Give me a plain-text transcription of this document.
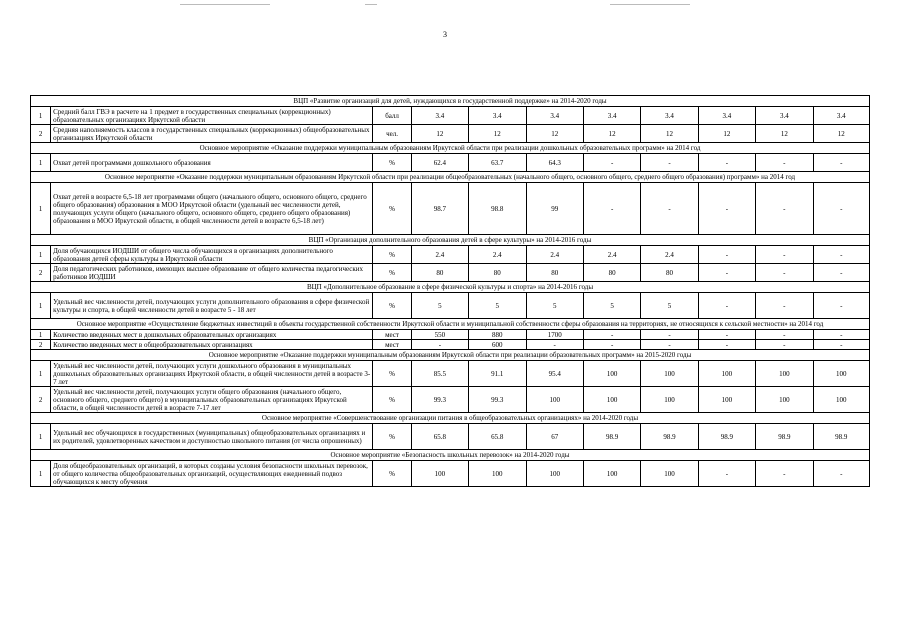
3
ВЦП «Развитие организаций для детей, нуждающихся в государственной поддержке» на 2014-2020 годы										
1	Средний балл ГВЭ в расчете на 1 предмет в государственных специальных (коррекционных) образовательных организациях Иркутской области	балл	3.4	3.4	3.4	3.4	3.4	3.4	3.4	3.4
2	Средняя наполняемость классов в государственных специальных (коррекционных) общеобразовательных организациях Иркутской области	чел.	12	12	12	12	12	12	12	12
Основное мероприятие «Оказание поддержки муниципальным образованиям Иркутской области при реализации дошкольных образовательных программ» на 2014 год										
1	Охват детей программами дошкольного образования	%	62.4	63.7	64.3	-	-	-	-	-
Основное мероприятие «Оказание поддержки муниципальным образованиям Иркутской области при реализации общеобразовательных (начального общего, основного общего, среднего общего образования) программ» на 2014 год										
1	Охват детей в возрасте 6,5-18 лет программами общего (начального общего, основного общего, среднего общего образования) образования в МОО Иркутской области (удельный вес численности детей, получающих услуги общего (начального общего, основного общего, среднего общего образования) образования в МОО Иркутской области, в общей численности детей в возрасте 6,5-18 лет)	%	98.7	98.8	99	-	-	-	-	-
ВЦП «Организация дополнительного образования детей в сфере культуры» на 2014-2016 годы										
1	Доля обучающихся ИОДШИ от общего числа обучающихся в организациях дополнительного образования детей сферы культуры в Иркутской области	%	2.4	2.4	2.4	2.4	2.4	-	-	-
2	Доля педагогических работников, имеющих высшее образование от общего количества педагогических работников ИОДШИ	%	80	80	80	80	80	-	-	-
ВЦП «Дополнительное образование в сфере физической культуры и спорта» на 2014-2016 годы										
1	Удельный вес численности детей, получающих услуги дополнительного образования в сфере физической культуры и спорта, в общей численности детей в возрасте 5 - 18 лет	%	5	5	5	5	5	-	-	-
Основное мероприятие «Осуществление бюджетных инвестиций в объекты государственной собственности Иркутской области и муниципальной собственности сферы образования на территориях, не относящихся к сельской местности» на 2014 год										
1	Количество введенных мест в дошкольных образовательных организациях	мест	550	880	1700	-	-	-	-	-
2	Количество введенных мест в общеобразовательных организациях	мест	-	600	-	-	-	-	-	-
Основное мероприятие «Оказание поддержки муниципальным образованиям Иркутской области при реализации образовательных программ» на 2015-2020 годы										
1	Удельный вес численности детей, получающих услуги дошкольного образования в муниципальных дошкольных образовательных организациях Иркутской области, в общей численности детей в возрасте 3-7 лет	%	85.5	91.1	95.4	100	100	100	100	100
2	Удельный вес численности детей, получающих услуги общего образования (начального общего, основного общего, среднего общего) в муниципальных образовательных организациях Иркутской области, в общей численности детей в возрасте 7-17 лет	%	99.3	99.3	100	100	100	100	100	100
Основное мероприятие «Совершенствование организации питания в общеобразовательных организациях» на 2014-2020 годы										
1	Удельный вес обучающихся в государственных (муниципальных) общеобразовательных организациях и их родителей, удовлетворенных качеством и доступностью школьного питания (от числа опрошенных)	%	65.8	65.8	67	98.9	98.9	98.9	98.9	98.9
Основное мероприятие «Безопасность школьных перевозок» на 2014-2020 годы										
1	Доля общеобразовательных организаций, в которых созданы условия безопасности школьных перевозок, от общего количества общеобразовательных организаций, осуществляющих ежедневный подвоз обучающихся к месту обучения	%	100	100	100	100	100	-	-	-
